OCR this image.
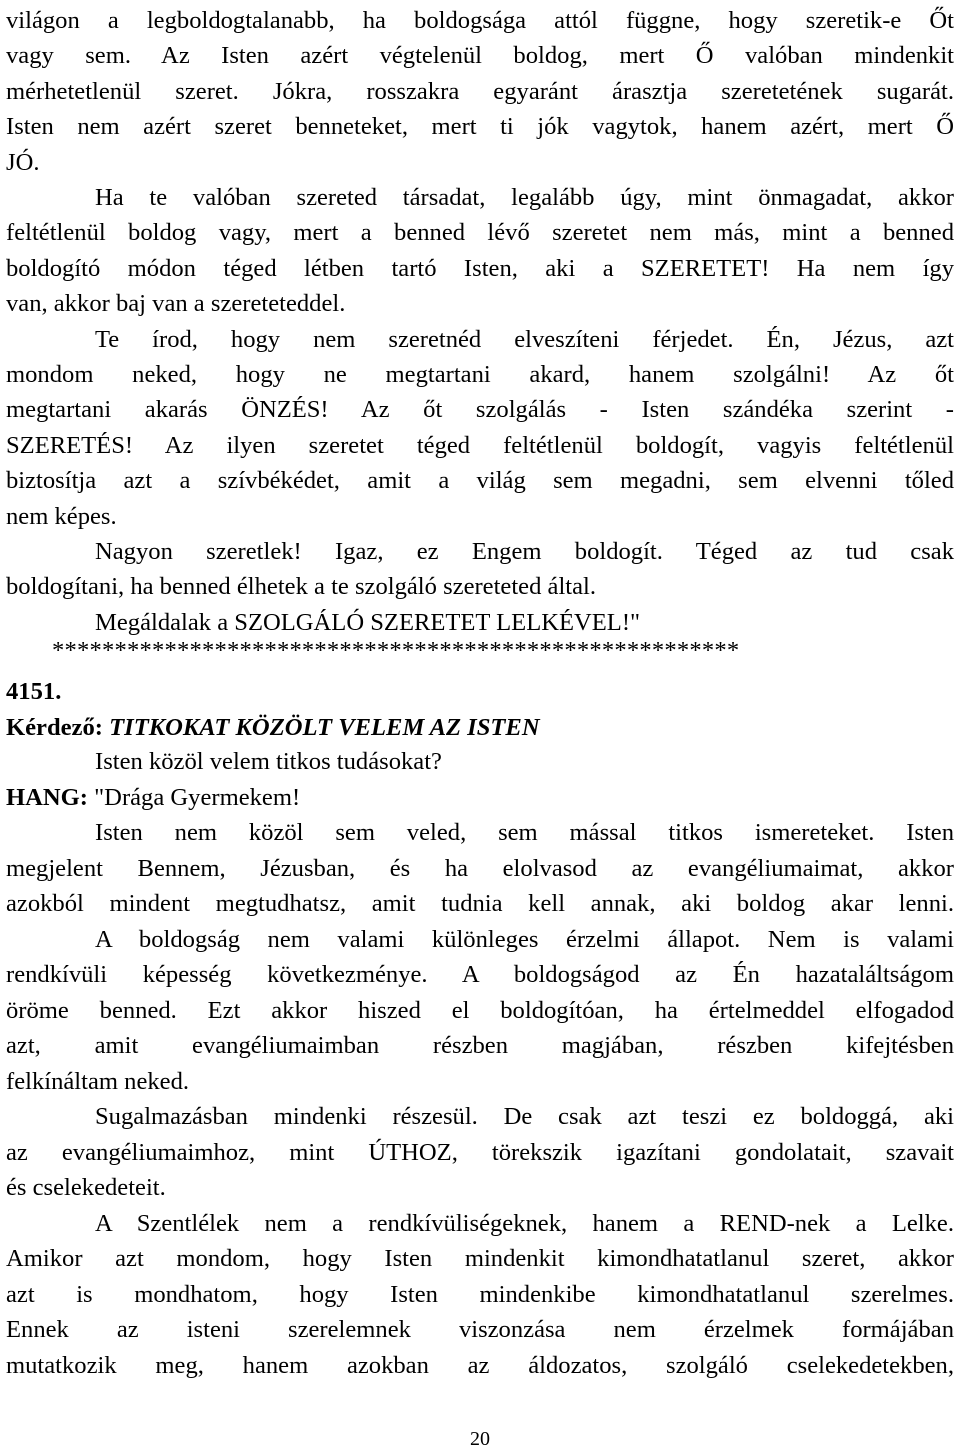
világon a legboldogtalanabb, ha boldogsága attól függne, hogy szeretik-e Őt
vagy sem. Az Isten azért végtelenül boldog, mert Ő valóban mindenkit
mérhetetlenül szeret. Jókra, rosszakra egyaránt árasztja szeretetének sugarát.
Isten nem azért szeret benneteket, mert ti jók vagytok, hanem azért, mert Ő
JÓ.
Ha te valóban szereted társadat, legalább úgy, mint önmagadat, akkor
feltétlenül boldog vagy, mert a benned lévő szeretet nem más, mint a benned
boldogító módon téged létben tartó Isten, aki a SZERETET! Ha nem így
van, akkor baj van a szereteteddel.
Te írod, hogy nem szeretnéd elveszíteni férjedet. Én, Jézus, azt
mondom neked, hogy ne megtartani akard, hanem szolgálni! Az őt
megtartani akarás ÖNZÉS! Az őt szolgálás - Isten szándéka szerint -
SZERETÉS! Az ilyen szeretet téged feltétlenül boldogít, vagyis feltétlenül
biztosítja azt a szívbékédet, amit a világ sem megadni, sem elvenni tőled
nem képes.
Nagyon szeretlek! Igaz, ez Engem boldogít. Téged az tud csak
boldogítani, ha benned élhetek a te szolgáló szereteted által.
Megáldalak a SZOLGÁLÓ SZERETET LELKÉVEL!"
*******************************************************
4151.
Kérdező: TITKOKAT KÖZÖLT VELEM AZ ISTEN
Isten közöl velem titkos tudásokat?
HANG: "Drága Gyermekem!
Isten nem közöl sem veled, sem mással titkos ismereteket. Isten
megjelent Bennem, Jézusban, és ha elolvasod az evangéliumaimat, akkor
azokból mindent megtudhatsz, amit tudnia kell annak, aki boldog akar lenni.
A boldogság nem valami különleges érzelmi állapot. Nem is valami
rendkívüli képesség következménye. A boldogságod az Én hazataláltságom
öröme benned. Ezt akkor hiszed el boldogítóan, ha értelmeddel elfogadod
azt, amit evangéliumaimban részben magjában, részben kifejtésben
felkínáltam neked.
Sugalmazásban mindenki részesül. De csak azt teszi ez boldoggá, aki
az evangéliumaimhoz, mint ÚTHOZ, törekszik igazítani gondolatait, szavait
és cselekedeteit.
A Szentlélek nem a rendkívüliségeknek, hanem a REND-nek a Lelke.
Amikor azt mondom, hogy Isten mindenkit kimondhatatlanul szeret, akkor
azt is mondhatom, hogy Isten mindenkibe kimondhatatlanul szerelmes.
Ennek az isteni szerelemnek viszonzása nem érzelmek formájában
mutatkozik meg, hanem azokban az áldozatos, szolgáló cselekedetekben,
20
